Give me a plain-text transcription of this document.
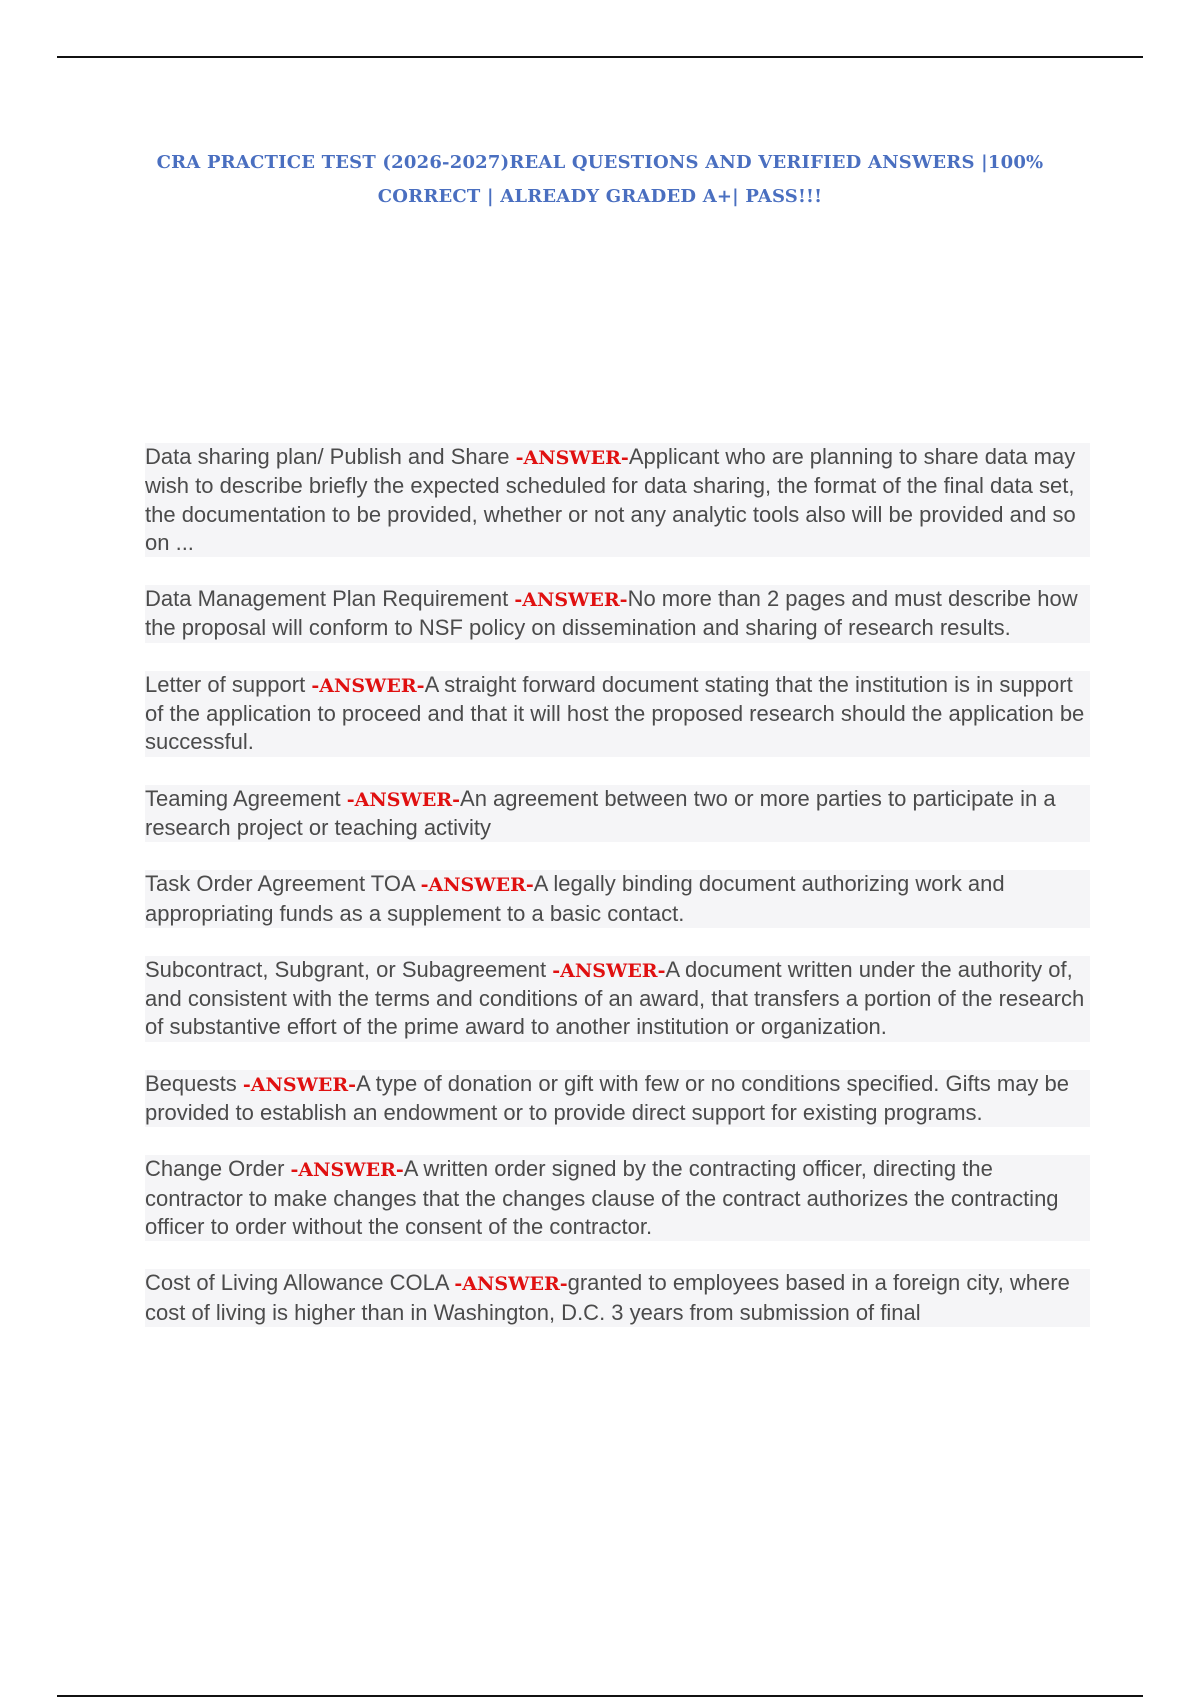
CRA PRACTICE TEST (2026-2027)REAL QUESTIONS AND VERIFIED ANSWERS |100% CORRECT | ALREADY GRADED A+| PASS!!!

Data sharing plan/ Publish and Share -ANSWER-Applicant who are planning to share data may wish to describe briefly the expected scheduled for data sharing, the format of the final data set, the documentation to be provided, whether or not any analytic tools also will be provided and so on ...

Data Management Plan Requirement -ANSWER-No more than 2 pages and must describe how the proposal will conform to NSF policy on dissemination and sharing of research results.

Letter of support -ANSWER-A straight forward document stating that the institution is in support of the application to proceed and that it will host the proposed research should the application be successful.

Teaming Agreement -ANSWER-An agreement between two or more parties to participate in a research project or teaching activity

Task Order Agreement TOA -ANSWER-A legally binding document authorizing work and appropriating funds as a supplement to a basic contact.

Subcontract, Subgrant, or Subagreement -ANSWER-A document written under the authority of, and consistent with the terms and conditions of an award, that transfers a portion of the research of substantive effort of the prime award to another institution or organization.

Bequests -ANSWER-A type of donation or gift with few or no conditions specified. Gifts may be provided to establish an endowment or to provide direct support for existing programs.

Change Order -ANSWER-A written order signed by the contracting officer, directing the contractor to make changes that the changes clause of the contract authorizes the contracting officer to order without the consent of the contractor.

Cost of Living Allowance COLA -ANSWER-granted to employees based in a foreign city, where cost of living is higher than in Washington, D.C. 3 years from submission of final
